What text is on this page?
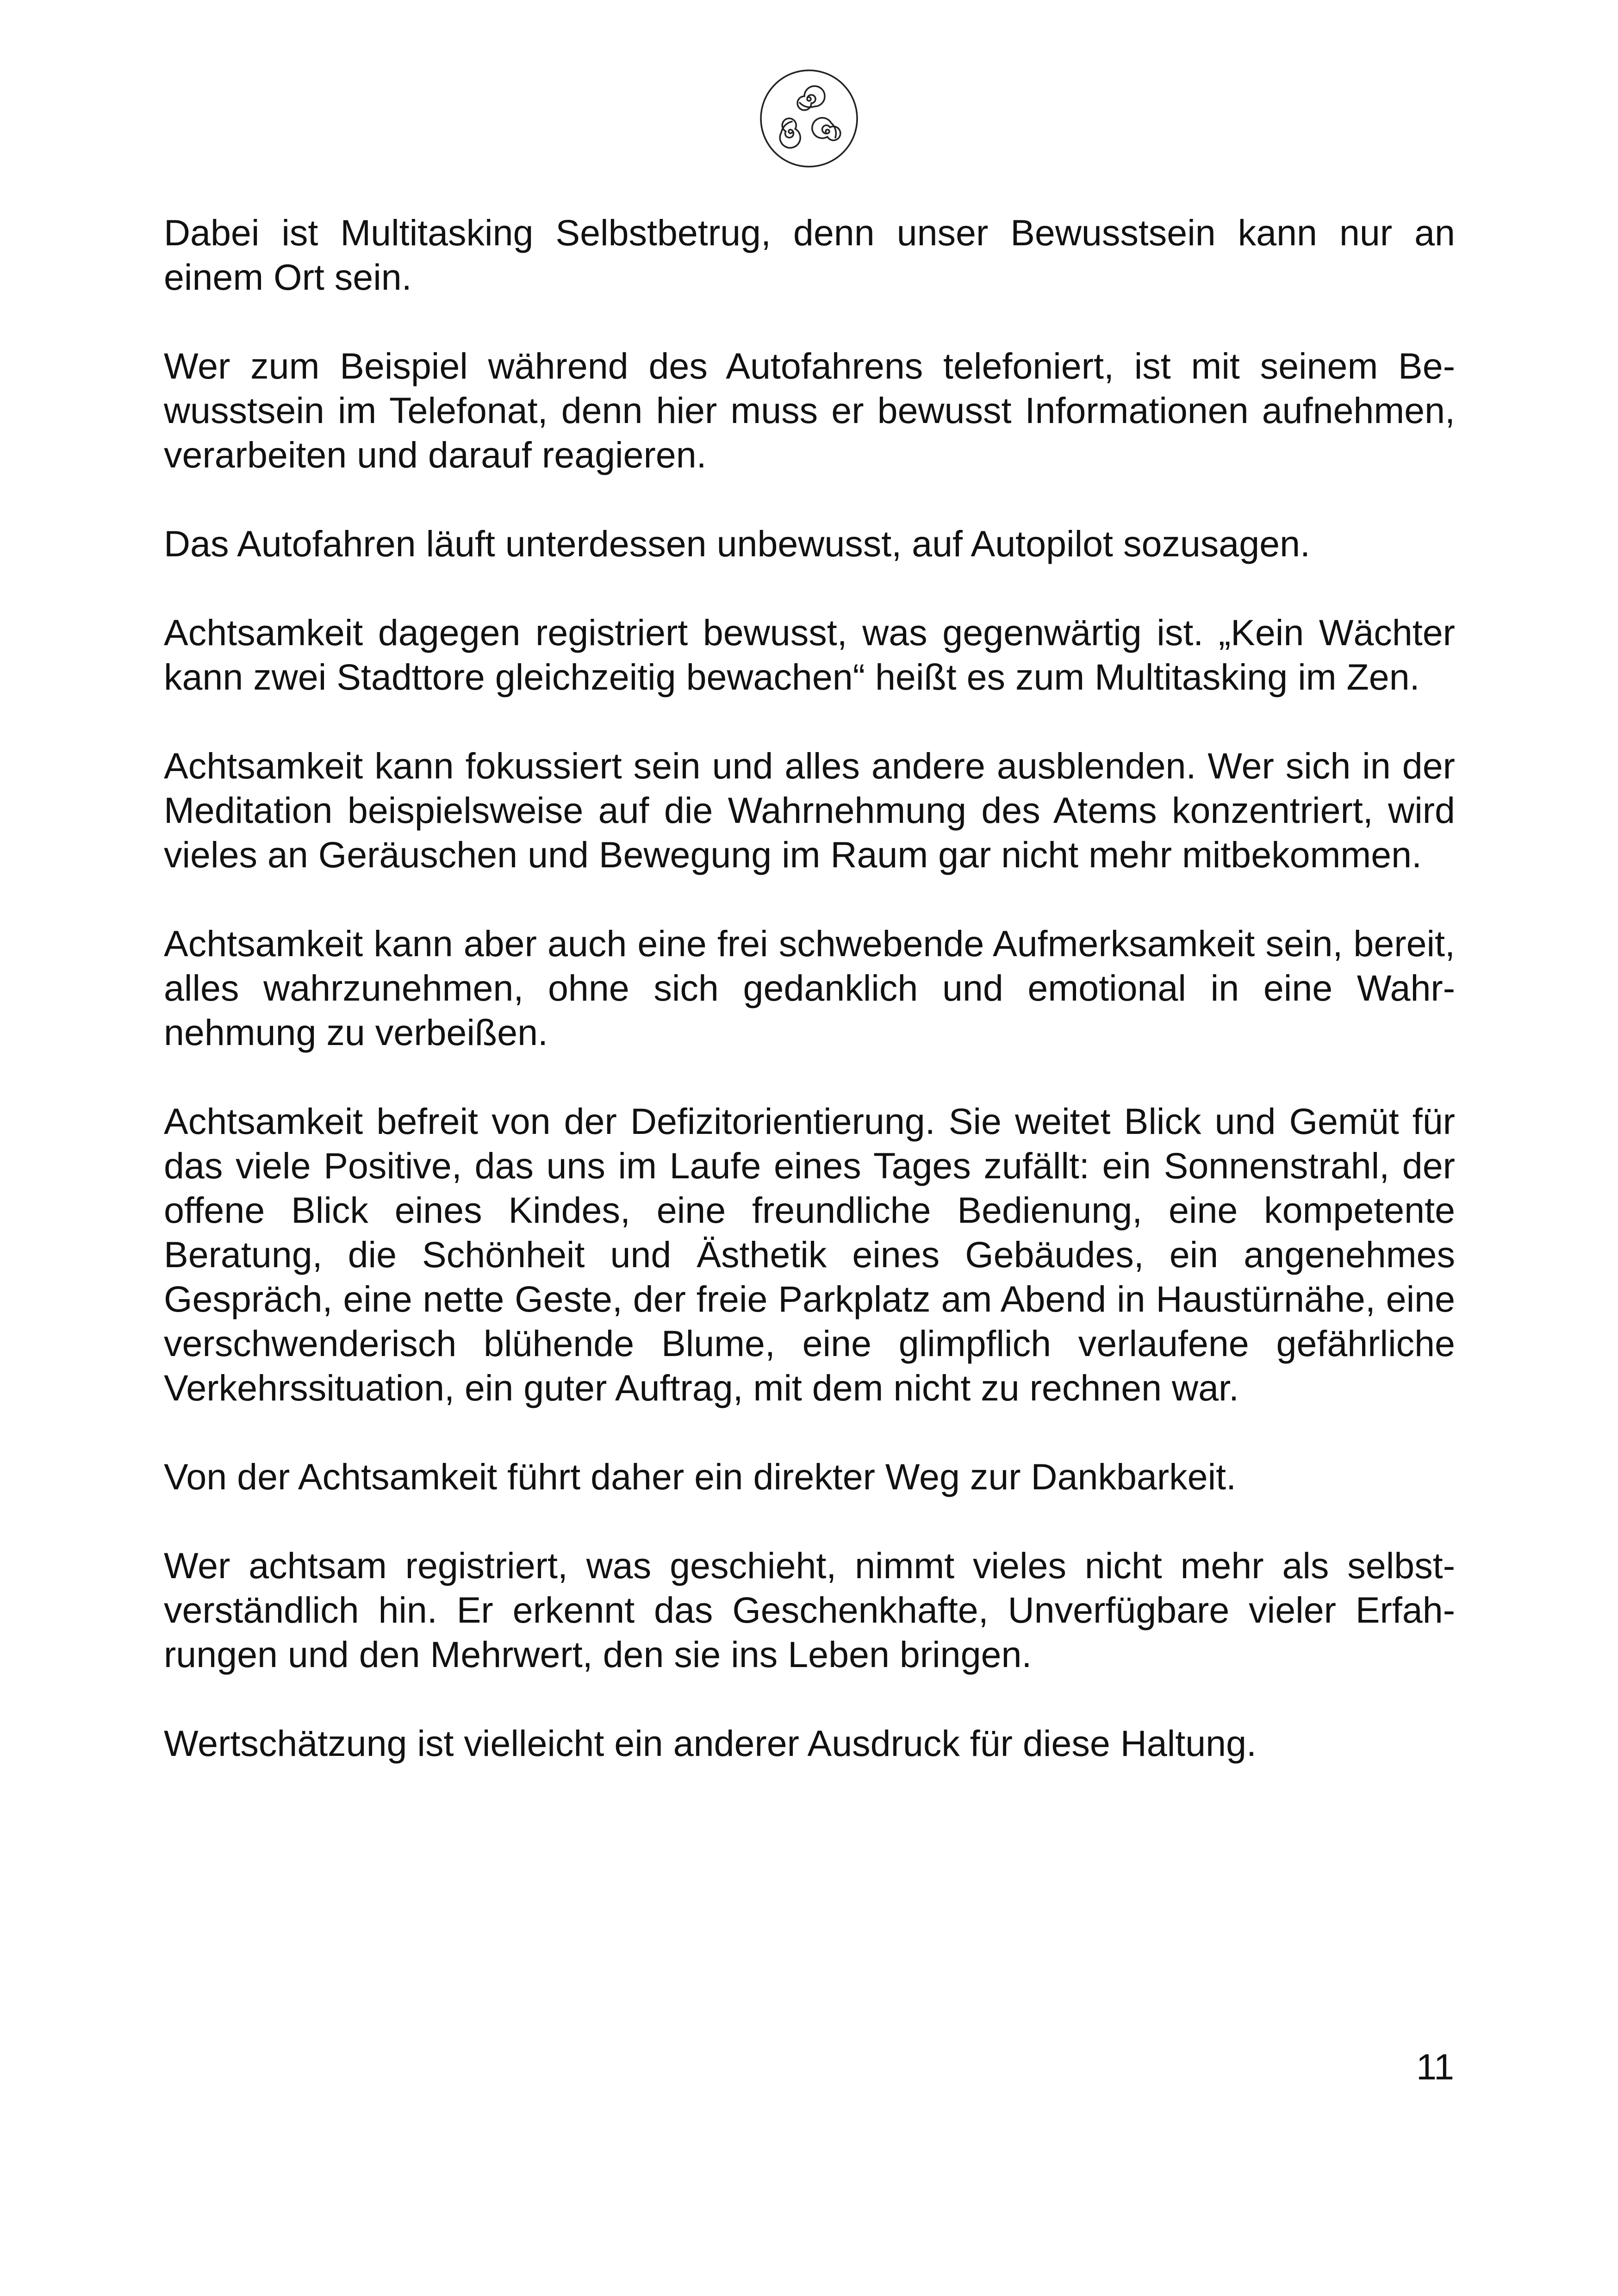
Dabei ist Multitasking Selbstbetrug, denn unser Bewusstsein kann nur an einem Ort sein.

Wer zum Beispiel während des Autofahrens telefoniert, ist mit seinem Bewusstsein im Telefonat, denn hier muss er bewusst Informationen aufnehmen, verarbeiten und darauf reagieren.

Das Autofahren läuft unterdessen unbewusst, auf Autopilot sozusagen.

Achtsamkeit dagegen registriert bewusst, was gegenwärtig ist. „Kein Wächter kann zwei Stadttore gleichzeitig bewachen“ heißt es zum Multitasking im Zen.

Achtsamkeit kann fokussiert sein und alles andere ausblenden. Wer sich in der Meditation beispielsweise auf die Wahrnehmung des Atems konzentriert, wird vieles an Geräuschen und Bewegung im Raum gar nicht mehr mitbekommen.

Achtsamkeit kann aber auch eine frei schwebende Aufmerksamkeit sein, bereit, alles wahrzunehmen, ohne sich gedanklich und emotional in eine Wahrnehmung zu verbeißen.

Achtsamkeit befreit von der Defizitorientierung. Sie weitet Blick und Gemüt für das viele Positive, das uns im Laufe eines Tages zufällt: ein Sonnenstrahl, der offene Blick eines Kindes, eine freundliche Bedienung, eine kompetente Beratung, die Schönheit und Ästhetik eines Gebäudes, ein angenehmes Gespräch, eine nette Geste, der freie Parkplatz am Abend in Haustürnähe, eine verschwenderisch blühende Blume, eine glimpflich verlaufene gefährliche Verkehrssituation, ein guter Auftrag, mit dem nicht zu rechnen war.

Von der Achtsamkeit führt daher ein direkter Weg zur Dankbarkeit.

Wer achtsam registriert, was geschieht, nimmt vieles nicht mehr als selbstverständlich hin. Er erkennt das Geschenkhafte, Unverfügbare vieler Erfahrungen und den Mehrwert, den sie ins Leben bringen.

Wertschätzung ist vielleicht ein anderer Ausdruck für diese Haltung.

11
